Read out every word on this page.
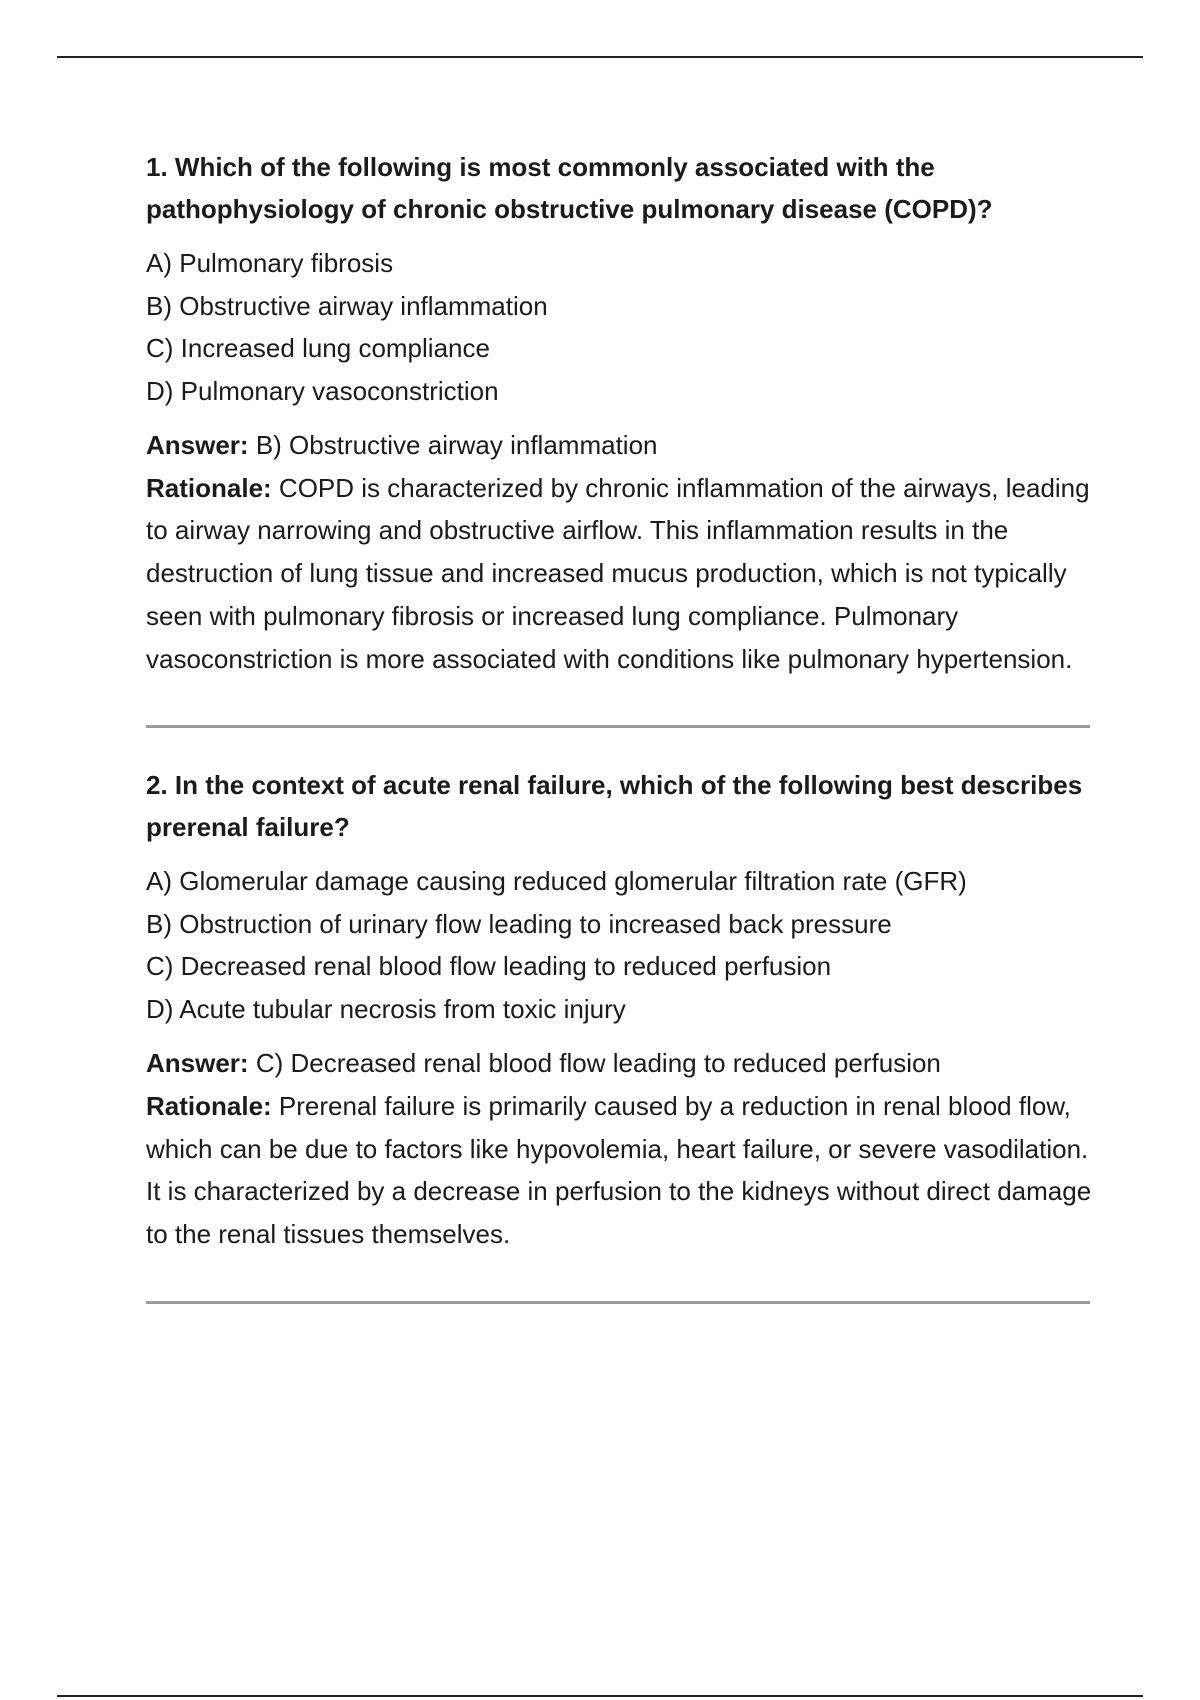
1. Which of the following is most commonly associated with the pathophysiology of chronic obstructive pulmonary disease (COPD)?

A) Pulmonary fibrosis
B) Obstructive airway inflammation
C) Increased lung compliance
D) Pulmonary vasoconstriction

Answer: B) Obstructive airway inflammation

Rationale: COPD is characterized by chronic inflammation of the airways, leading to airway narrowing and obstructive airflow. This inflammation results in the destruction of lung tissue and increased mucus production, which is not typically seen with pulmonary fibrosis or increased lung compliance. Pulmonary vasoconstriction is more associated with conditions like pulmonary hypertension.

2. In the context of acute renal failure, which of the following best describes prerenal failure?

A) Glomerular damage causing reduced glomerular filtration rate (GFR)
B) Obstruction of urinary flow leading to increased back pressure
C) Decreased renal blood flow leading to reduced perfusion
D) Acute tubular necrosis from toxic injury

Answer: C) Decreased renal blood flow leading to reduced perfusion

Rationale: Prerenal failure is primarily caused by a reduction in renal blood flow, which can be due to factors like hypovolemia, heart failure, or severe vasodilation. It is characterized by a decrease in perfusion to the kidneys without direct damage to the renal tissues themselves.
